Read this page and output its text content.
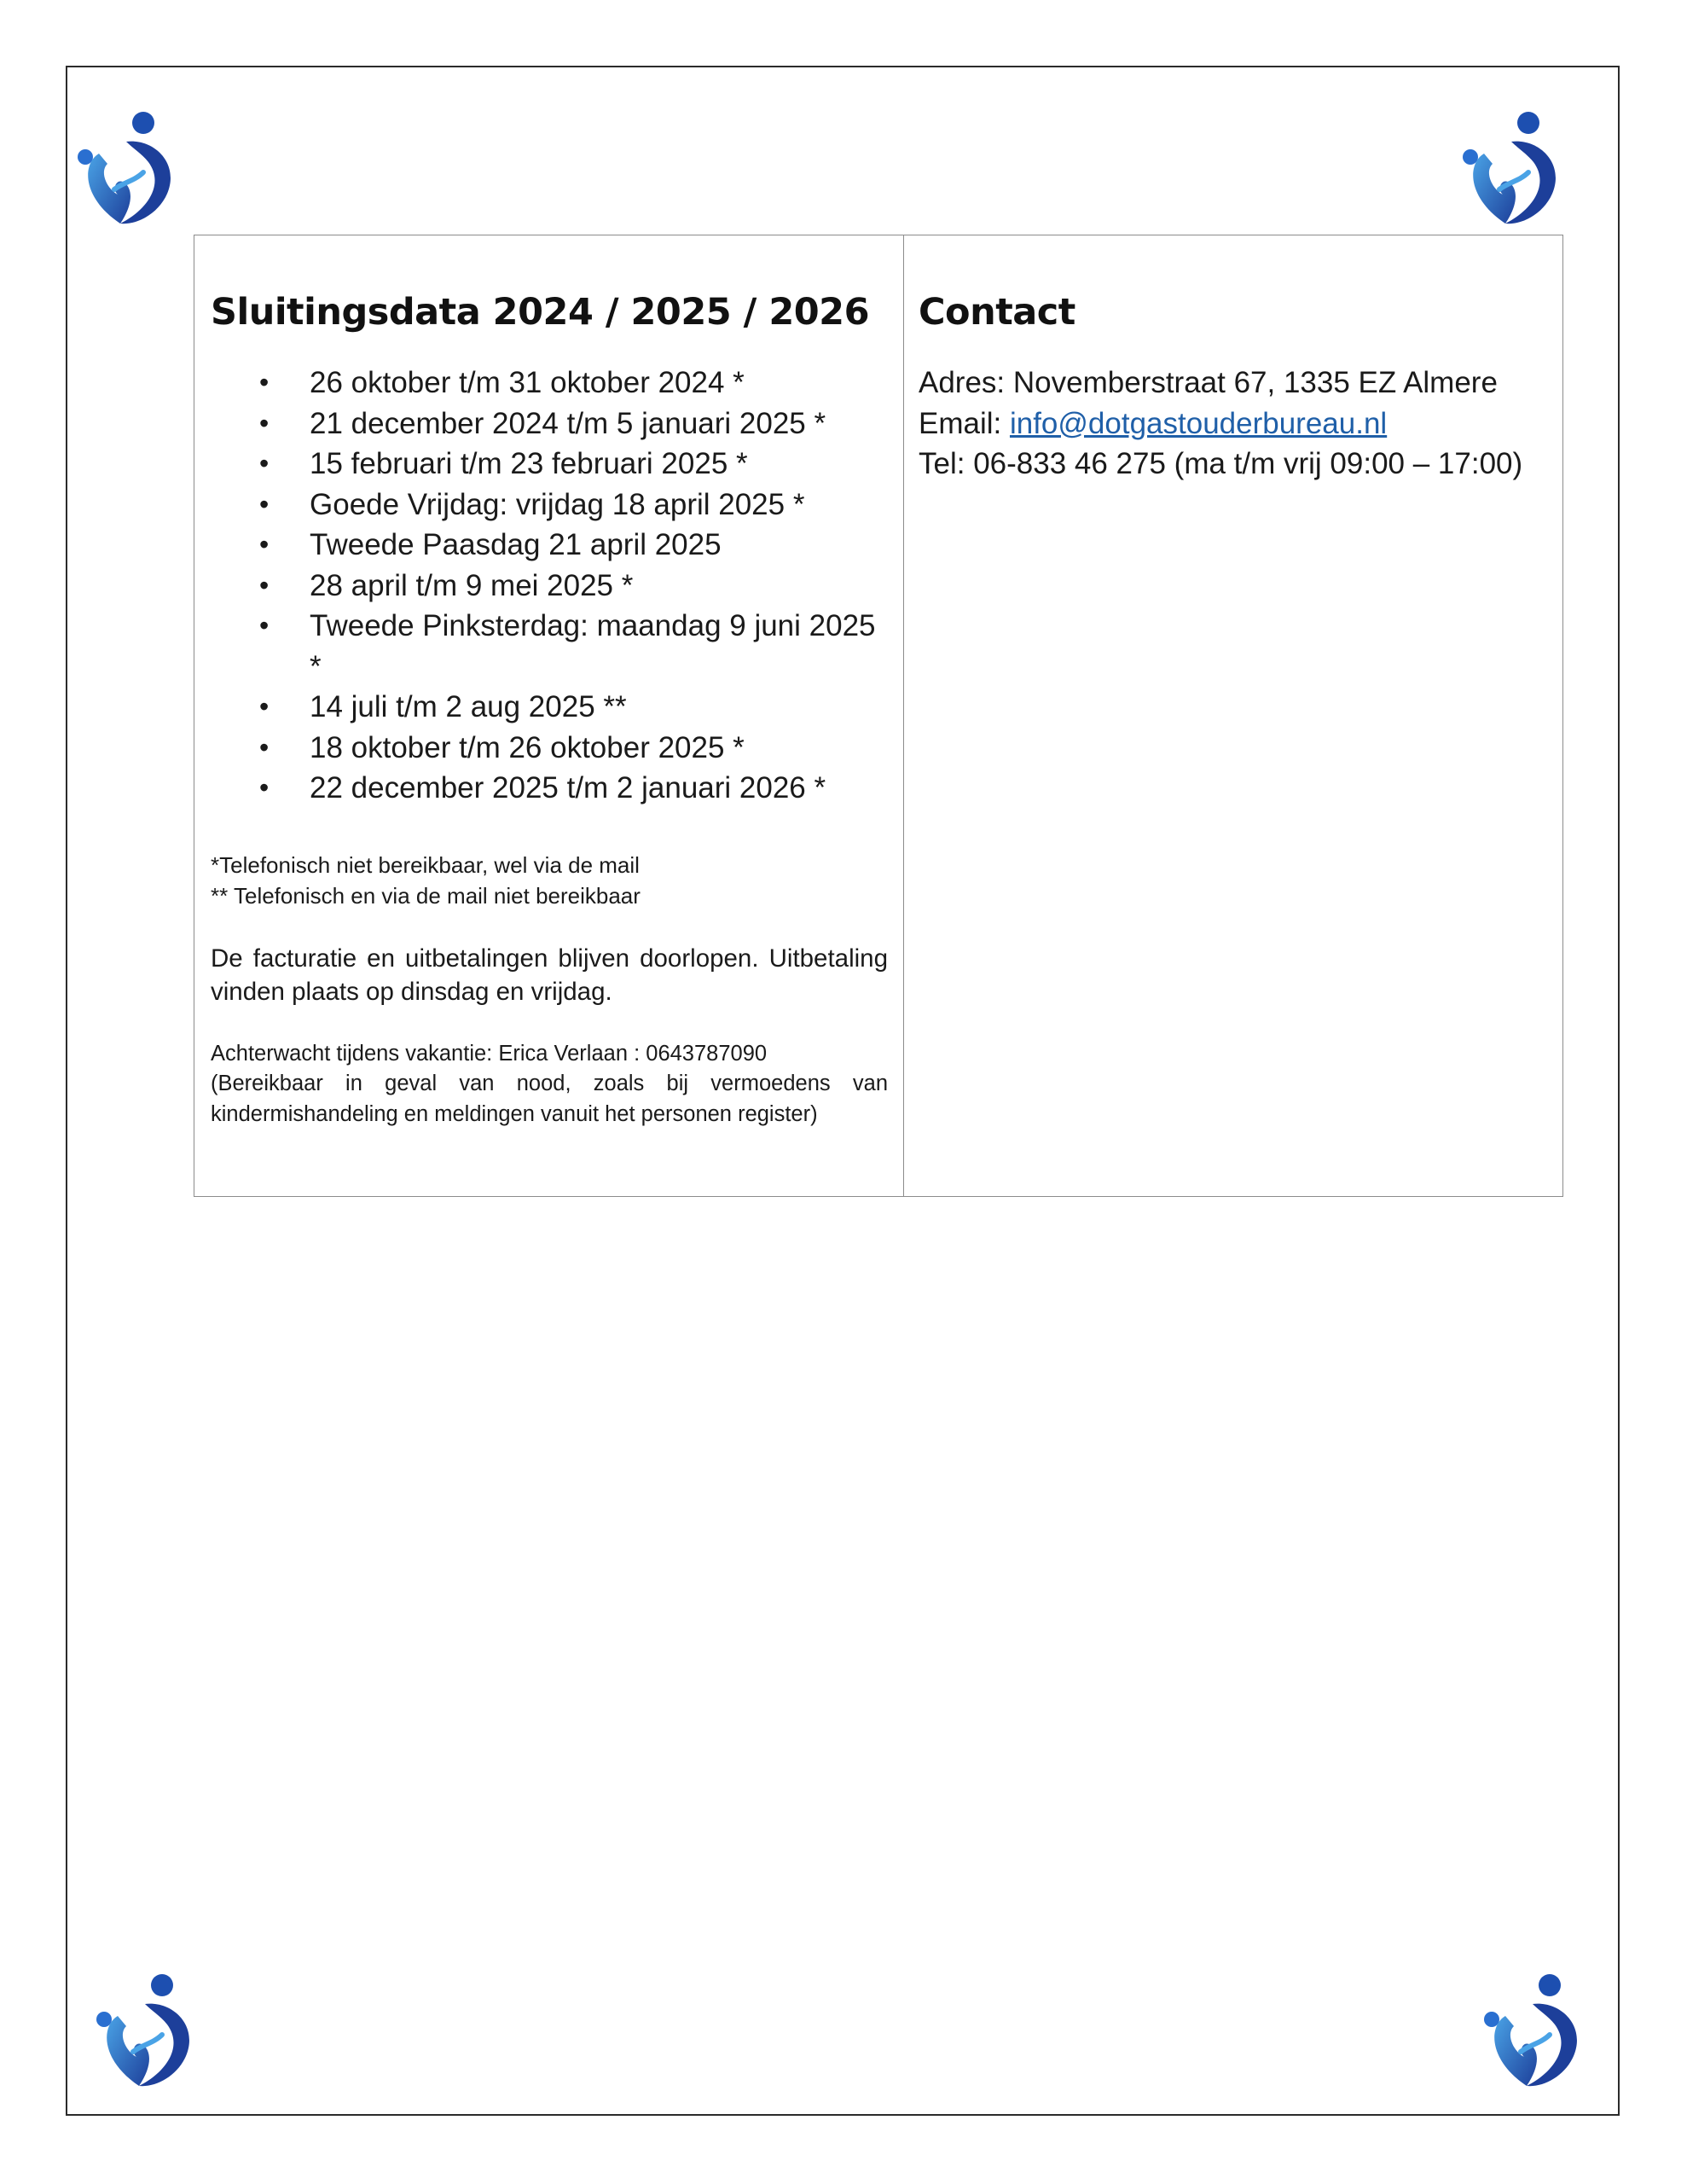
Sluitingsdata 2024 / 2025 / 2026
• 26 oktober t/m 31 oktober 2024 *
• 21 december 2024 t/m 5 januari 2025 *
• 15 februari t/m 23 februari 2025 *
• Goede Vrijdag: vrijdag 18 april 2025 *
• Tweede Paasdag 21 april 2025
• 28 april t/m 9 mei 2025 *
• Tweede Pinksterdag: maandag 9 juni 2025 *
• 14 juli t/m 2 aug 2025 **
• 18 oktober t/m 26 oktober 2025 *
• 22 december 2025 t/m 2 januari 2026 *
*Telefonisch niet bereikbaar, wel via de mail
** Telefonisch en via de mail niet bereikbaar
De facturatie en uitbetalingen blijven doorlopen. Uitbetaling vinden plaats op dinsdag en vrijdag.
Achterwacht tijdens vakantie: Erica Verlaan : 0643787090
(Bereikbaar in geval van nood, zoals bij vermoedens van kindermishandeling en meldingen vanuit het personen register)
Contact
Adres: Novemberstraat 67, 1335 EZ Almere
Email: info@dotgastouderbureau.nl
Tel: 06-833 46 275 (ma t/m vrij 09:00 – 17:00)
